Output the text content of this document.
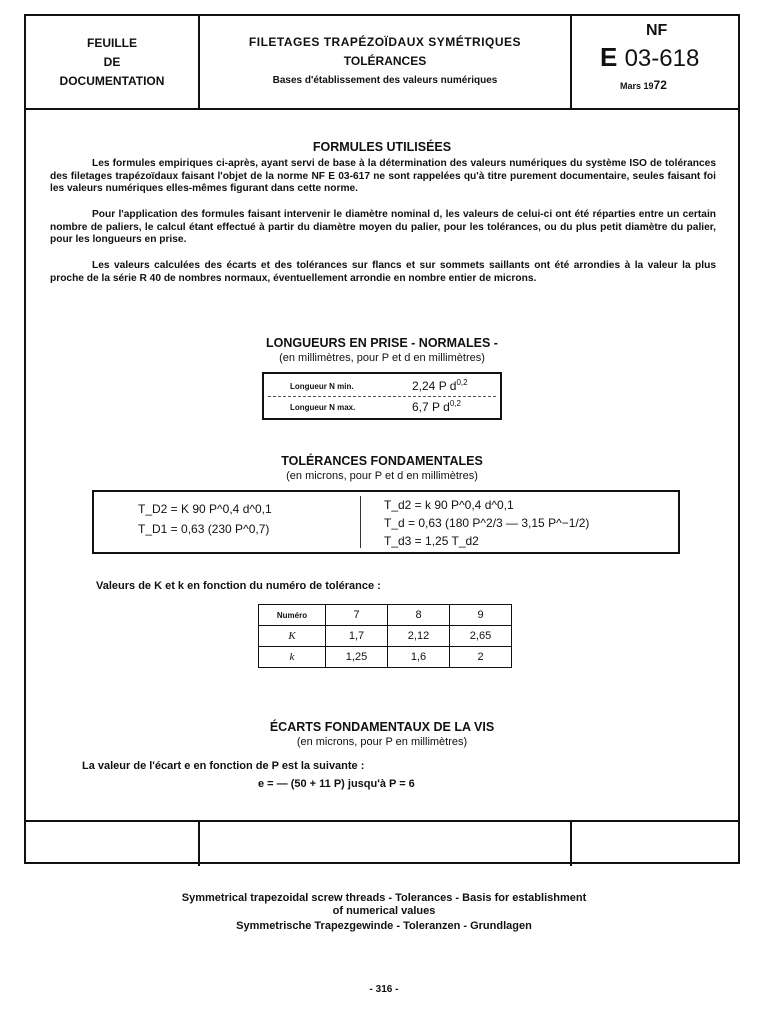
FEUILLE
DE
DOCUMENTATION
FILETAGES TRAPÉZOÏDAUX SYMÉTRIQUES
TOLÉRANCES
Bases d'établissement des valeurs numériques
NF
E 03-618
Mars 1972
FORMULES UTILISÉES
Les formules empiriques ci-après, ayant servi de base à la détermination des valeurs numériques du système ISO de tolérances des filetages trapézoïdaux faisant l'objet de la norme NF E 03-617 ne sont rappelées qu'à titre purement documentaire, seules faisant foi les valeurs numériques elles-mêmes figurant dans cette norme.
Pour l'application des formules faisant intervenir le diamètre nominal d, les valeurs de celui-ci ont été réparties entre un certain nombre de paliers, le calcul étant effectué à partir du diamètre moyen du palier, pour les tolérances, ou du plus petit diamètre du palier, pour les longueurs en prise.
Les valeurs calculées des écarts et des tolérances sur flancs et sur sommets saillants ont été arrondies à la valeur la plus proche de la série R 40 de nombres normaux, éventuellement arrondie en nombre entier de microns.
LONGUEURS EN PRISE - NORMALES -
(en millimètres, pour P et d en millimètres)
Longueur N min.	2,24 P $d^{0,2}$
Longueur N max.	6,7 P $d^{0,2}$
TOLÉRANCES FONDAMENTALES
(en microns, pour P et d en millimètres)
T_D2 = K 90 P^0,4 d^0,1
T_D1 = 0,63 (230 P^0,7)
T_d2 = k 90 P^0,4 d^0,1
T_d = 0,63 (180 P^2/3 — 3,15 P^−1/2)
T_d3 = 1,25 T_d2
Valeurs de K et k en fonction du numéro de tolérance :
Numéro	7	8	9
K	1,7	2,12	2,65
k	1,25	1,6	2
ÉCARTS FONDAMENTAUX DE LA VIS
(en microns, pour P en millimètres)
La valeur de l'écart e en fonction de P est la suivante :
e = — (50 + 11 P) jusqu'à P = 6
Symmetrical trapezoidal screw threads - Tolerances - Basis for establishment
of numerical values
Symmetrische Trapezgewinde - Toleranzen - Grundlagen
- 316 -
